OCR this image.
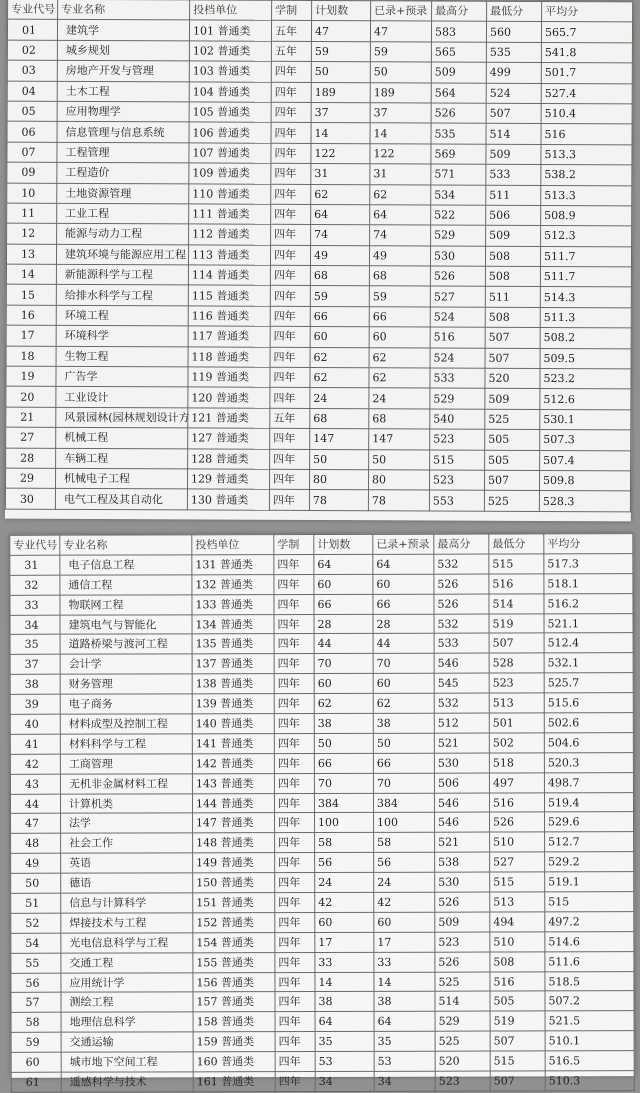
专业代号	专业名称	投档单位	学制	计划数	已录+预录	最高分	最低分	平均分
01	建筑学	101 普通类	五年	47	47	583	560	565.7
02	城乡规划	102 普通类	五年	59	59	565	535	541.8
03	房地产开发与管理	103 普通类	四年	50	50	509	499	501.7
04	土木工程	104 普通类	四年	189	189	564	524	527.4
05	应用物理学	105 普通类	四年	37	37	526	507	510.4
06	信息管理与信息系统	106 普通类	四年	14	14	535	514	516
07	工程管理	107 普通类	四年	122	122	569	509	513.3
09	工程造价	109 普通类	四年	31	31	571	533	538.2
10	土地资源管理	110 普通类	四年	62	62	534	511	513.3
11	工业工程	111 普通类	四年	64	64	522	506	508.9
12	能源与动力工程	112 普通类	四年	74	74	529	509	512.3
13	建筑环境与能源应用工程	113 普通类	四年	49	49	530	508	511.7
14	新能源科学与工程	114 普通类	四年	68	68	526	508	511.7
15	给排水科学与工程	115 普通类	四年	59	59	527	511	514.3
16	环境工程	116 普通类	四年	66	66	524	508	511.3
17	环境科学	117 普通类	四年	60	60	516	507	508.2
18	生物工程	118 普通类	四年	62	62	524	507	509.5
19	广告学	119 普通类	四年	62	62	533	520	523.2
20	工业设计	120 普通类	四年	24	24	529	509	512.6
21	风景园林(园林规划设计方	121 普通类	五年	68	68	540	525	530.1
27	机械工程	127 普通类	四年	147	147	523	505	507.3
28	车辆工程	128 普通类	四年	50	50	515	505	507.4
29	机械电子工程	129 普通类	四年	80	80	523	507	509.8
30	电气工程及其自动化	130 普通类	四年	78	78	553	525	528.3
专业代号	专业名称	投档单位	学制	计划数	已录+预录	最高分	最低分	平均分
31	电子信息工程	131 普通类	四年	64	64	532	515	517.3
32	通信工程	132 普通类	四年	60	60	526	516	518.1
33	物联网工程	133 普通类	四年	66	66	526	514	516.2
34	建筑电气与智能化	134 普通类	四年	28	28	532	519	521.1
35	道路桥梁与渡河工程	135 普通类	四年	44	44	533	507	512.4
37	会计学	137 普通类	四年	70	70	546	528	532.1
38	财务管理	138 普通类	四年	60	60	545	523	525.7
39	电子商务	139 普通类	四年	62	62	532	513	515.6
40	材料成型及控制工程	140 普通类	四年	38	38	512	501	502.6
41	材料科学与工程	141 普通类	四年	50	50	521	502	504.6
42	工商管理	142 普通类	四年	66	66	530	518	520.3
43	无机非金属材料工程	143 普通类	四年	70	70	506	497	498.7
44	计算机类	144 普通类	四年	384	384	546	516	519.4
47	法学	147 普通类	四年	100	100	546	526	529.6
48	社会工作	148 普通类	四年	58	58	521	510	512.7
49	英语	149 普通类	四年	56	56	538	527	529.2
50	德语	150 普通类	四年	24	24	530	515	519.1
51	信息与计算科学	151 普通类	四年	42	42	526	513	515
52	焊接技术与工程	152 普通类	四年	60	60	509	494	497.2
54	光电信息科学与工程	154 普通类	四年	17	17	523	510	514.6
55	交通工程	155 普通类	四年	33	33	526	508	511.6
56	应用统计学	156 普通类	四年	14	14	525	516	518.5
57	测绘工程	157 普通类	四年	38	38	514	505	507.2
58	地理信息科学	158 普通类	四年	64	64	529	519	521.5
59	交通运输	159 普通类	四年	35	35	525	507	510.1
60	城市地下空间工程	160 普通类	四年	53	53	520	515	516.5
61	遥感科学与技术	161 普通类	四年	34	34	523	507	510.3
